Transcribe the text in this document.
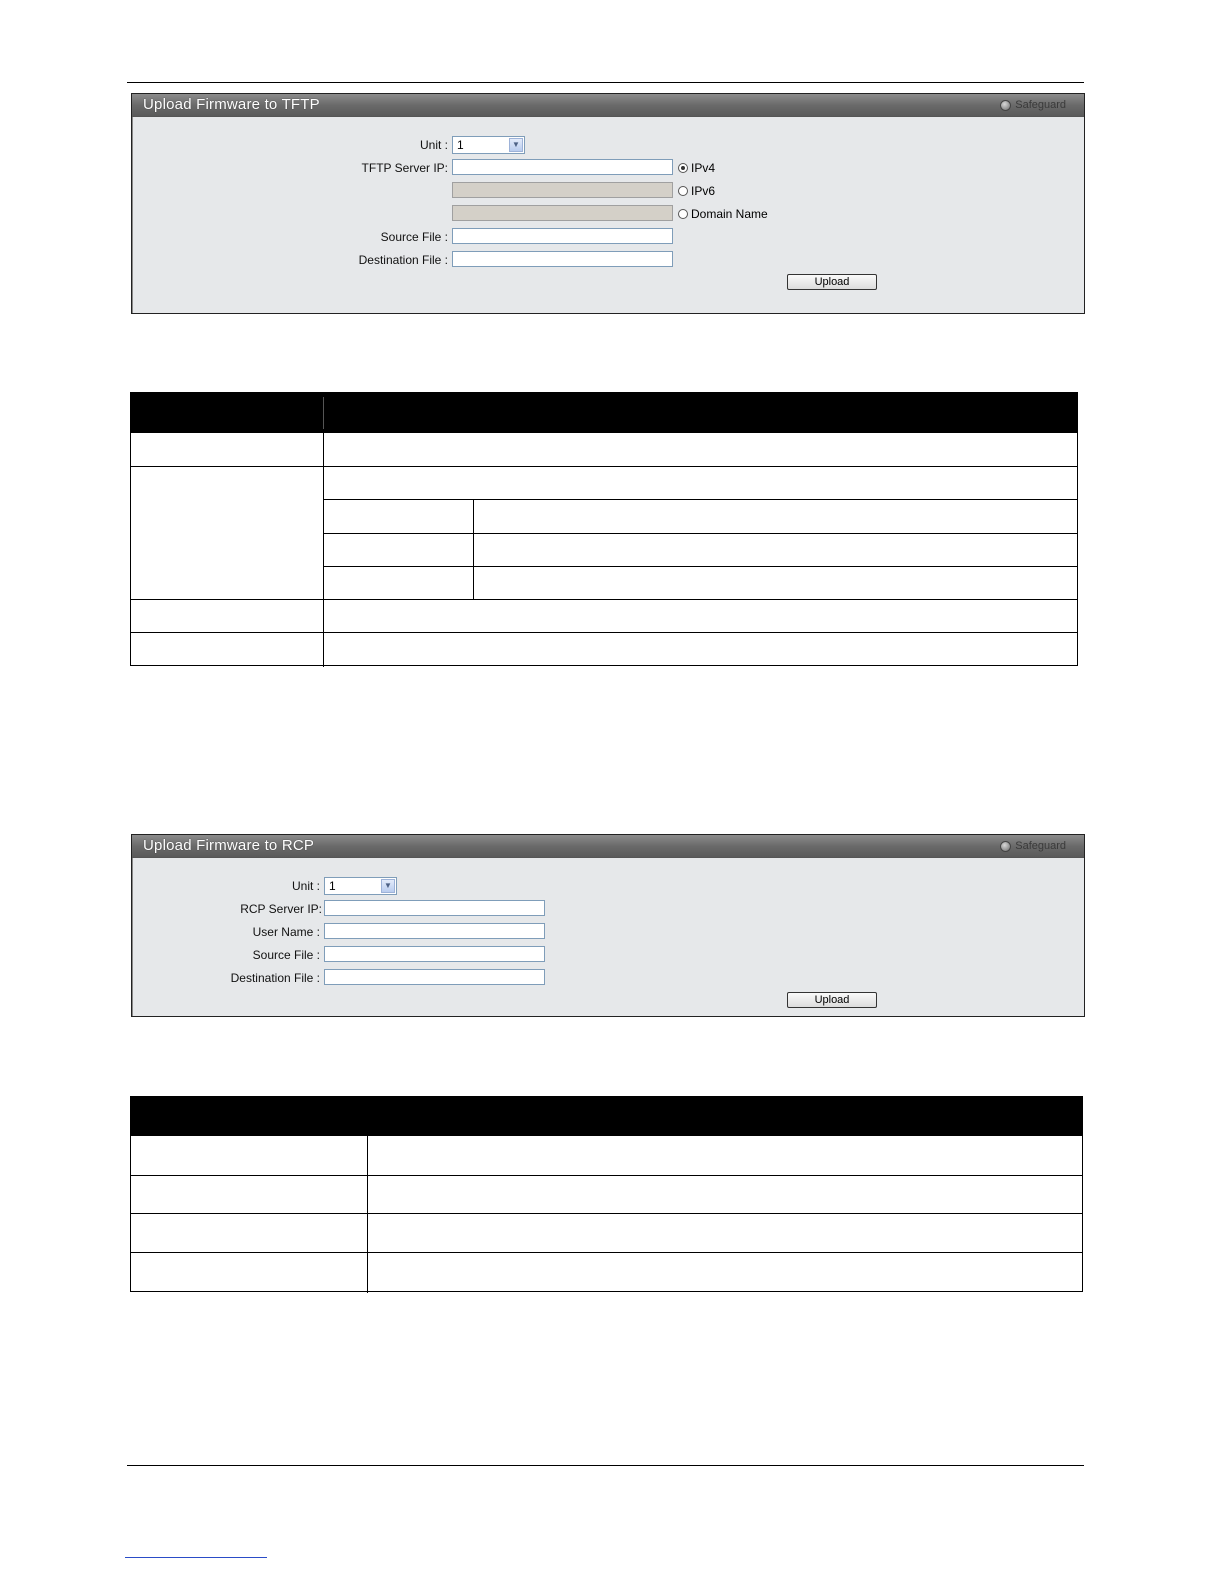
Upload Firmware to TFTP	Safeguard
Unit : 1	▼
TFTP Server IP:	IPv4
IPv6
Domain Name
Source File :
Destination File :
Upload
Upload Firmware to RCP	Safeguard
Unit : 1	▼
RCP Server IP:
User Name :
Source File :
Destination File :
Upload
